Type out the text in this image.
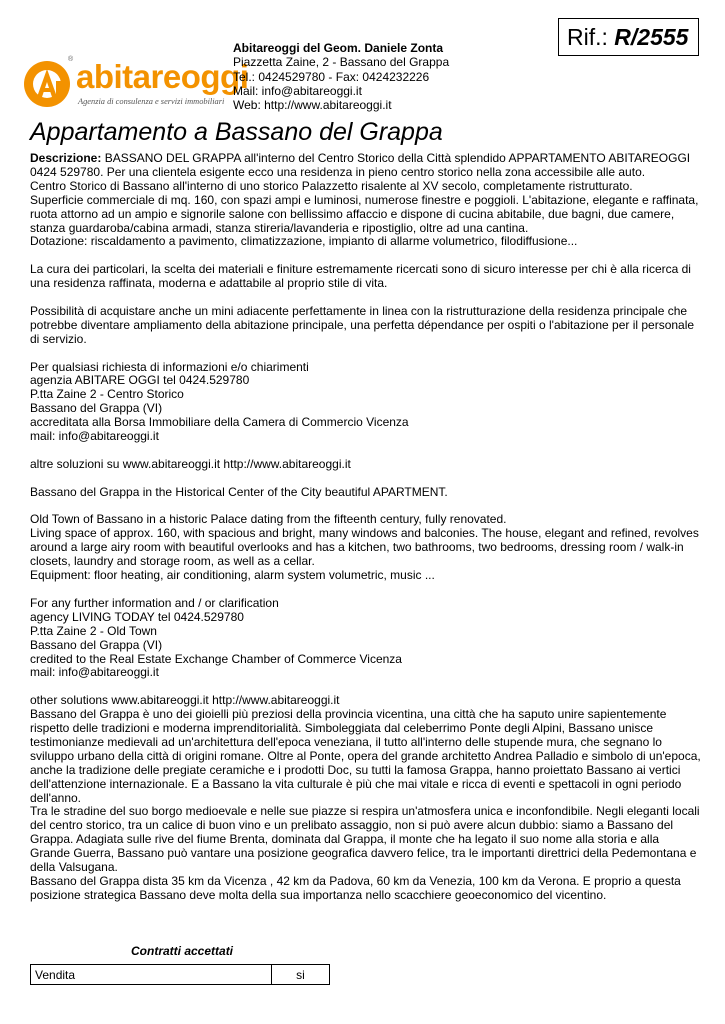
® abitareoggi
Agenzia di consulenza e servizi immobiliari
Abitareoggi del Geom. Daniele Zonta
Piazzetta Zaine, 2 - Bassano del Grappa
Tel.: 0424529780 - Fax: 0424232226
Mail: info@abitareoggi.it
Web: http://www.abitareoggi.it
Rif.: R/2555
Appartamento a Bassano del Grappa

Descrizione: BASSANO DEL GRAPPA all'interno del Centro Storico della Città splendido APPARTAMENTO ABITAREOGGI 0424 529780. Per una clientela esigente ecco una residenza in pieno centro storico nella zona accessibile alle auto.

Centro Storico di Bassano all'interno di uno storico Palazzetto risalente al XV secolo, completamente ristrutturato.

Superficie commerciale di mq. 160, con spazi ampi e luminosi, numerose finestre e poggioli. L'abitazione, elegante e raffinata, ruota attorno ad un ampio e signorile salone con bellissimo affaccio e dispone di cucina abitabile, due bagni, due camere, stanza guardaroba/cabina armadi, stanza stireria/lavanderia e ripostiglio, oltre ad una cantina.

Dotazione: riscaldamento a pavimento, climatizzazione, impianto di allarme volumetrico, filodiffusione...

La cura dei particolari, la scelta dei materiali e finiture estremamente ricercati sono di sicuro interesse per chi è alla ricerca di una residenza raffinata, moderna e adattabile al proprio stile di vita.

Possibilità di acquistare anche un mini adiacente perfettamente in linea con la ristrutturazione della residenza principale che potrebbe diventare ampliamento della abitazione principale, una perfetta dépendance per ospiti o l'abitazione per il personale di servizio.

Per qualsiasi richiesta di informazioni e/o chiarimenti

agenzia ABITARE OGGI tel 0424.529780

P.tta Zaine 2 - Centro Storico

Bassano del Grappa (VI)

accreditata alla Borsa Immobiliare della Camera di Commercio Vicenza

mail: info@abitareoggi.it

altre soluzioni su www.abitareoggi.it http://www.abitareoggi.it

Bassano del Grappa in the Historical Center of the City beautiful APARTMENT.

Old Town of Bassano in a historic Palace dating from the fifteenth century, fully renovated.

Living space of approx. 160, with spacious and bright, many windows and balconies. The house, elegant and refined, revolves around a large airy room with beautiful overlooks and has a kitchen, two bathrooms, two bedrooms, dressing room / walk-in closets, laundry and storage room, as well as a cellar.

Equipment: floor heating, air conditioning, alarm system volumetric, music ...

For any further information and / or clarification

agency LIVING TODAY tel 0424.529780

P.tta Zaine 2 - Old Town

Bassano del Grappa (VI)

credited to the Real Estate Exchange Chamber of Commerce Vicenza

mail: info@abitareoggi.it

other solutions www.abitareoggi.it http://www.abitareoggi.it

Bassano del Grappa è uno dei gioielli più preziosi della provincia vicentina, una città che ha saputo unire sapientemente rispetto delle tradizioni e moderna imprenditorialità. Simboleggiata dal celeberrimo Ponte degli Alpini, Bassano unisce testimonianze medievali ad un'architettura dell'epoca veneziana, il tutto all'interno delle stupende mura, che segnano lo sviluppo urbano della città di origini romane. Oltre al Ponte, opera del grande architetto Andrea Palladio e simbolo di un'epoca, anche la tradizione delle pregiate ceramiche e i prodotti Doc, su tutti la famosa Grappa, hanno proiettato Bassano ai vertici dell'attenzione internazionale. E a Bassano la vita culturale è più che mai vitale e ricca di eventi e spettacoli in ogni periodo dell'anno.

Tra le stradine del suo borgo medioevale e nelle sue piazze si respira un'atmosfera unica e inconfondibile. Negli eleganti locali del centro storico, tra un calice di buon vino e un prelibato assaggio, non si può avere alcun dubbio: siamo a Bassano del Grappa. Adagiata sulle rive del fiume Brenta, dominata dal Grappa, il monte che ha legato il suo nome alla storia e alla Grande Guerra, Bassano può vantare una posizione geografica davvero felice, tra le importanti direttrici della Pedemontana e della Valsugana.

Bassano del Grappa dista 35 km da Vicenza , 42 km da Padova, 60 km da Venezia, 100 km da Verona. E proprio a questa posizione strategica Bassano deve molta della sua importanza nello scacchiere geoeconomico del vicentino.

Contratti accettati
Vendita	si
